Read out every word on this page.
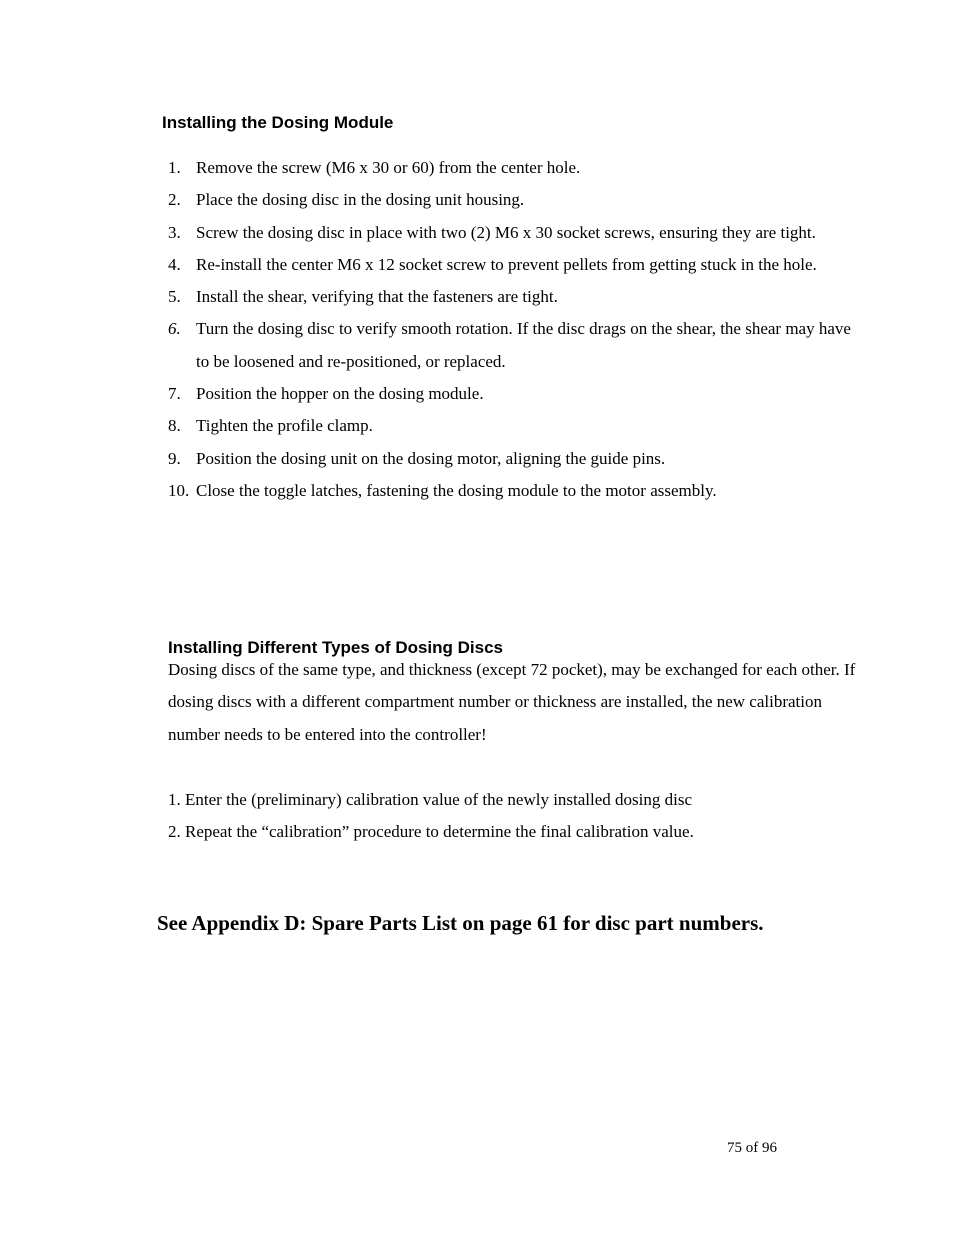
Installing the Dosing Module
1. Remove the screw (M6 x 30 or 60) from the center hole.
2. Place the dosing disc in the dosing unit housing.
3. Screw the dosing disc in place with two (2) M6 x 30 socket screws, ensuring they are tight.
4. Re-install the center M6 x 12 socket screw to prevent pellets from getting stuck in the hole.
5. Install the shear, verifying that the fasteners are tight.
6. Turn the dosing disc to verify smooth rotation. If the disc drags on the shear, the shear may have to be loosened and re-positioned, or replaced.
7. Position the hopper on the dosing module.
8. Tighten the profile clamp.
9. Position the dosing unit on the dosing motor, aligning the guide pins.
10. Close the toggle latches, fastening the dosing module to the motor assembly.
Installing Different Types of Dosing Discs

Dosing discs of the same type, and thickness (except 72 pocket), may be exchanged for each other. If dosing discs with a different compartment number or thickness are installed, the new calibration number needs to be entered into the controller!

1. Enter the (preliminary) calibration value of the newly installed dosing disc
2. Repeat the “calibration” procedure to determine the final calibration value.

See Appendix D: Spare Parts List on page 61 for disc part numbers.

75 of 96
